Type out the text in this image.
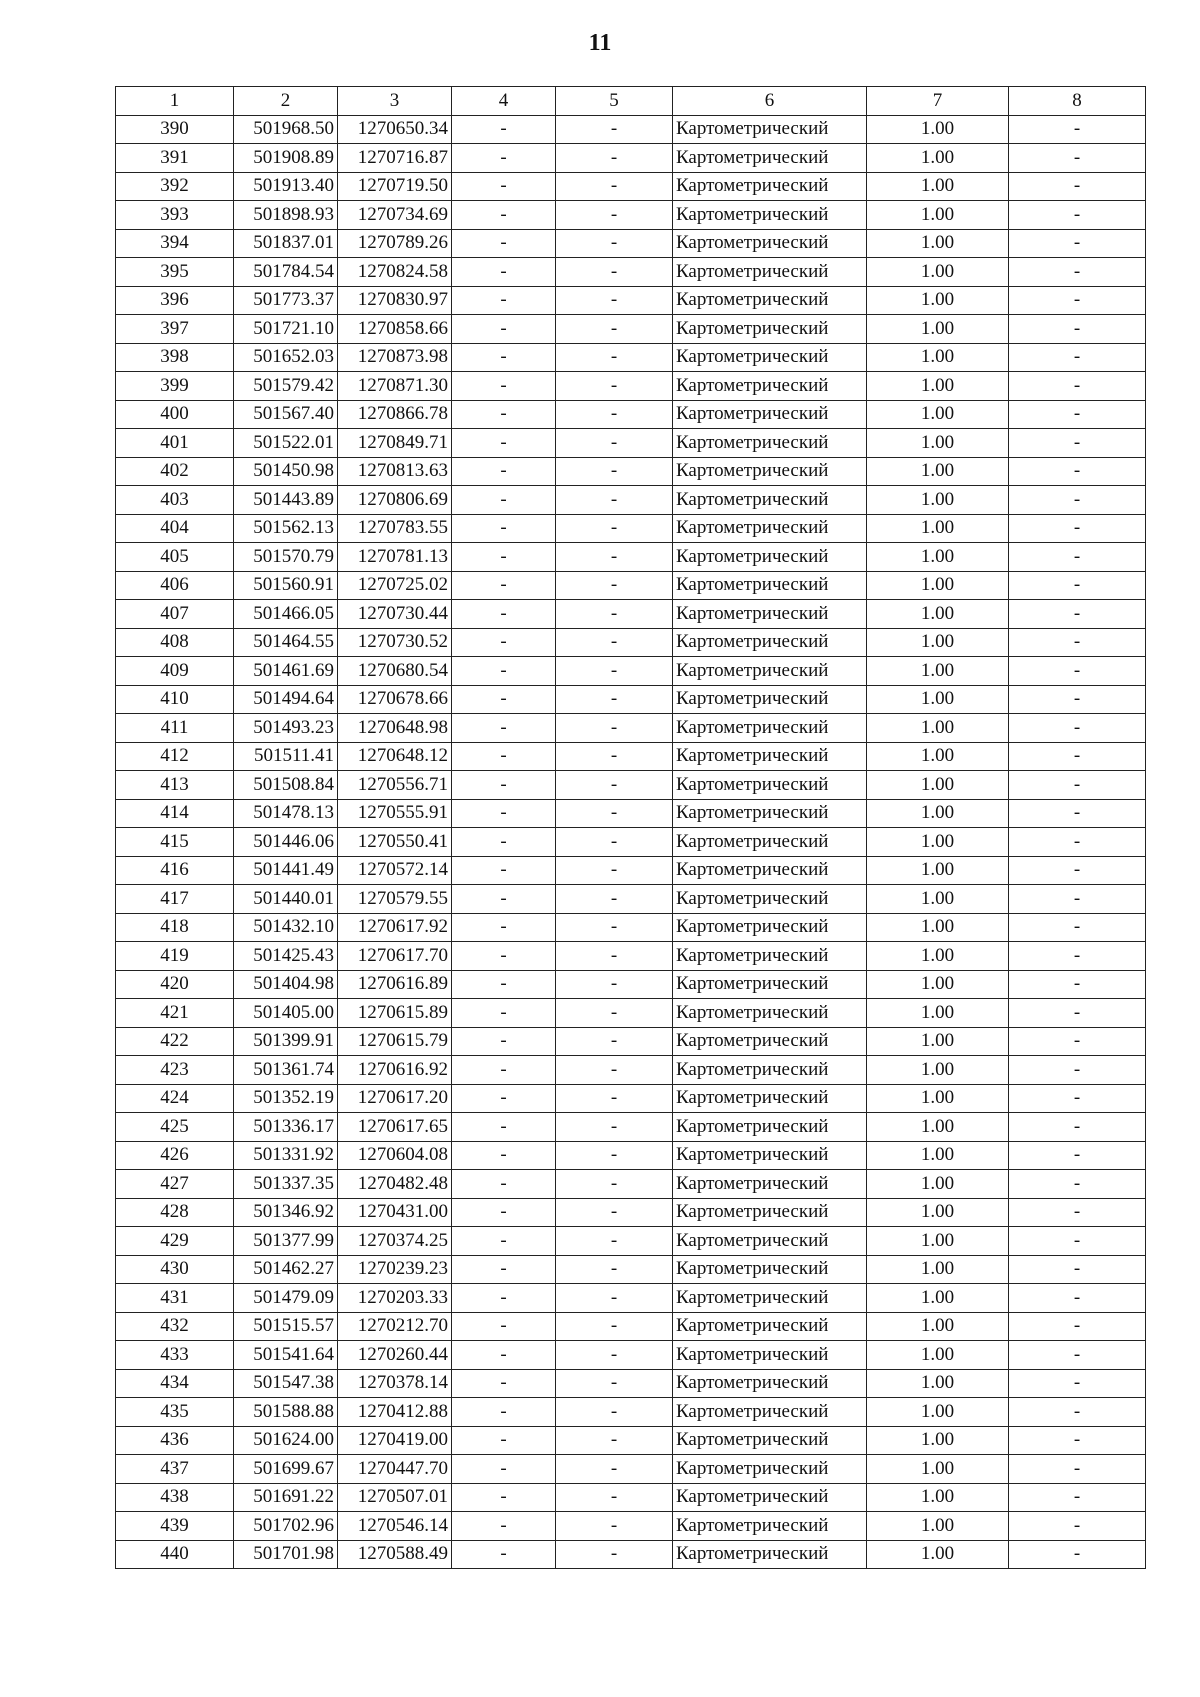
11
1	2	3	4	5	6	7	8
390	501968.50	1270650.34	-	-	Картометрический	1.00	-
391	501908.89	1270716.87	-	-	Картометрический	1.00	-
392	501913.40	1270719.50	-	-	Картометрический	1.00	-
393	501898.93	1270734.69	-	-	Картометрический	1.00	-
394	501837.01	1270789.26	-	-	Картометрический	1.00	-
395	501784.54	1270824.58	-	-	Картометрический	1.00	-
396	501773.37	1270830.97	-	-	Картометрический	1.00	-
397	501721.10	1270858.66	-	-	Картометрический	1.00	-
398	501652.03	1270873.98	-	-	Картометрический	1.00	-
399	501579.42	1270871.30	-	-	Картометрический	1.00	-
400	501567.40	1270866.78	-	-	Картометрический	1.00	-
401	501522.01	1270849.71	-	-	Картометрический	1.00	-
402	501450.98	1270813.63	-	-	Картометрический	1.00	-
403	501443.89	1270806.69	-	-	Картометрический	1.00	-
404	501562.13	1270783.55	-	-	Картометрический	1.00	-
405	501570.79	1270781.13	-	-	Картометрический	1.00	-
406	501560.91	1270725.02	-	-	Картометрический	1.00	-
407	501466.05	1270730.44	-	-	Картометрический	1.00	-
408	501464.55	1270730.52	-	-	Картометрический	1.00	-
409	501461.69	1270680.54	-	-	Картометрический	1.00	-
410	501494.64	1270678.66	-	-	Картометрический	1.00	-
411	501493.23	1270648.98	-	-	Картометрический	1.00	-
412	501511.41	1270648.12	-	-	Картометрический	1.00	-
413	501508.84	1270556.71	-	-	Картометрический	1.00	-
414	501478.13	1270555.91	-	-	Картометрический	1.00	-
415	501446.06	1270550.41	-	-	Картометрический	1.00	-
416	501441.49	1270572.14	-	-	Картометрический	1.00	-
417	501440.01	1270579.55	-	-	Картометрический	1.00	-
418	501432.10	1270617.92	-	-	Картометрический	1.00	-
419	501425.43	1270617.70	-	-	Картометрический	1.00	-
420	501404.98	1270616.89	-	-	Картометрический	1.00	-
421	501405.00	1270615.89	-	-	Картометрический	1.00	-
422	501399.91	1270615.79	-	-	Картометрический	1.00	-
423	501361.74	1270616.92	-	-	Картометрический	1.00	-
424	501352.19	1270617.20	-	-	Картометрический	1.00	-
425	501336.17	1270617.65	-	-	Картометрический	1.00	-
426	501331.92	1270604.08	-	-	Картометрический	1.00	-
427	501337.35	1270482.48	-	-	Картометрический	1.00	-
428	501346.92	1270431.00	-	-	Картометрический	1.00	-
429	501377.99	1270374.25	-	-	Картометрический	1.00	-
430	501462.27	1270239.23	-	-	Картометрический	1.00	-
431	501479.09	1270203.33	-	-	Картометрический	1.00	-
432	501515.57	1270212.70	-	-	Картометрический	1.00	-
433	501541.64	1270260.44	-	-	Картометрический	1.00	-
434	501547.38	1270378.14	-	-	Картометрический	1.00	-
435	501588.88	1270412.88	-	-	Картометрический	1.00	-
436	501624.00	1270419.00	-	-	Картометрический	1.00	-
437	501699.67	1270447.70	-	-	Картометрический	1.00	-
438	501691.22	1270507.01	-	-	Картометрический	1.00	-
439	501702.96	1270546.14	-	-	Картометрический	1.00	-
440	501701.98	1270588.49	-	-	Картометрический	1.00	-
